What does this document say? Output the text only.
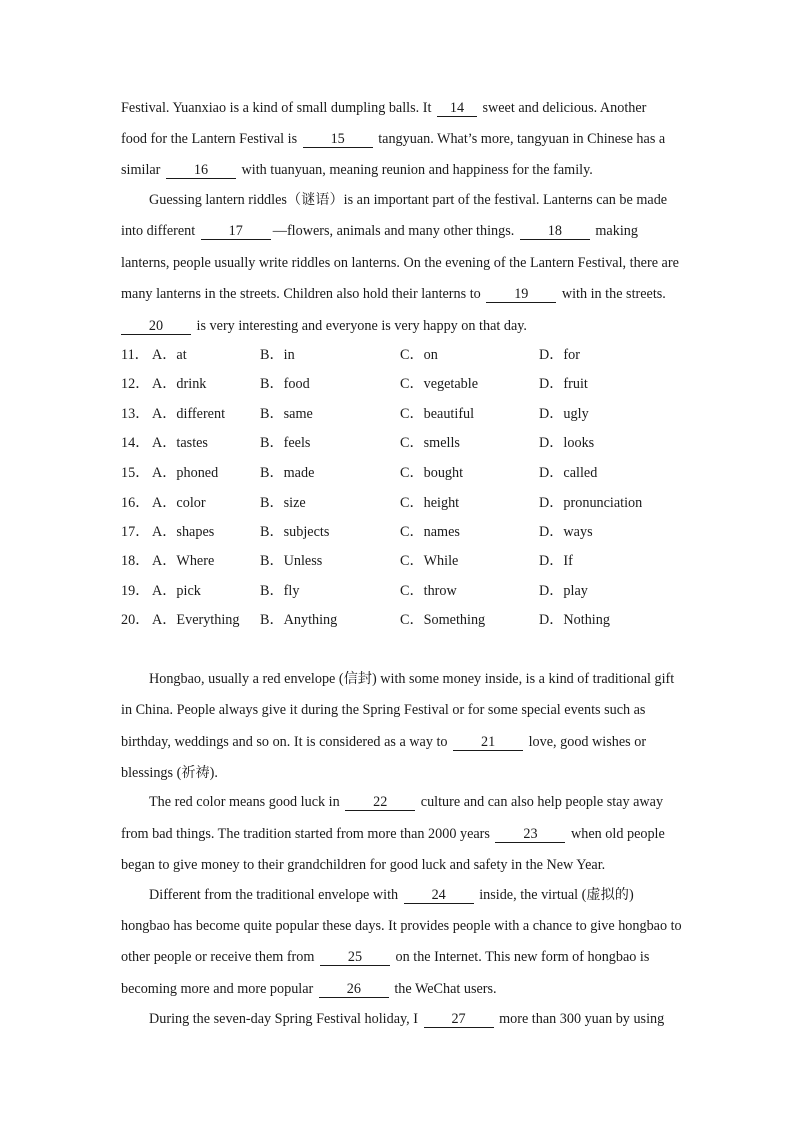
Festival. Yuanxiao is a kind of small dumpling balls. It 14 sweet and delicious. Another
food for the Lantern Festival is 15 tangyuan. What’s more, tangyuan in Chinese has a
similar 16 with tuanyuan, meaning reunion and happiness for the family.
Guessing lantern riddles（谜语）is an important part of the festival. Lanterns can be made
into different 17 —flowers, animals and many other things. 18 making
lanterns, people usually write riddles on lanterns. On the evening of the Lantern Festival, there are
many lanterns in the streets. Children also hold their lanterns to 19 with in the streets.
20 is very interesting and everyone is very happy on that day.
11． A．at	B．in	C．on	D．for
12． A．drink	B．food	C．vegetable	D．fruit
13． A．different B．same	C．beautiful	D．ugly
14． A．tastes	B．feels	C．smells	D．looks
15． A．phoned	B．made	C．bought	D．called
16． A．color	B．size	C．height	D．pronunciation
17． A．shapes	B．subjects	C．names	D．ways
18． A．Where	B．Unless	C．While	D．If
19． A．pick	B．fly	C．throw	D．play
20． A．Everything B．Anything	C．Something	D．Nothing
Hongbao, usually a red envelope (信封) with some money inside, is a kind of traditional gift
in China. People always give it during the Spring Festival or for some special events such as
birthday, weddings and so on. It is considered as a way to 21 love, good wishes or
blessings (祈祷).
The red color means good luck in 22 culture and can also help people stay away
from bad things. The tradition started from more than 2000 years 23 when old people
began to give money to their grandchildren for good luck and safety in the New Year.
Different from the traditional envelope with 24 inside, the virtual (虚拟的)
hongbao has become quite popular these days. It provides people with a chance to give hongbao to
other people or receive them from 25 on the Internet. This new form of hongbao is
becoming more and more popular 26 the WeChat users.
During the seven-day Spring Festival holiday, I 27 more than 300 yuan by using
